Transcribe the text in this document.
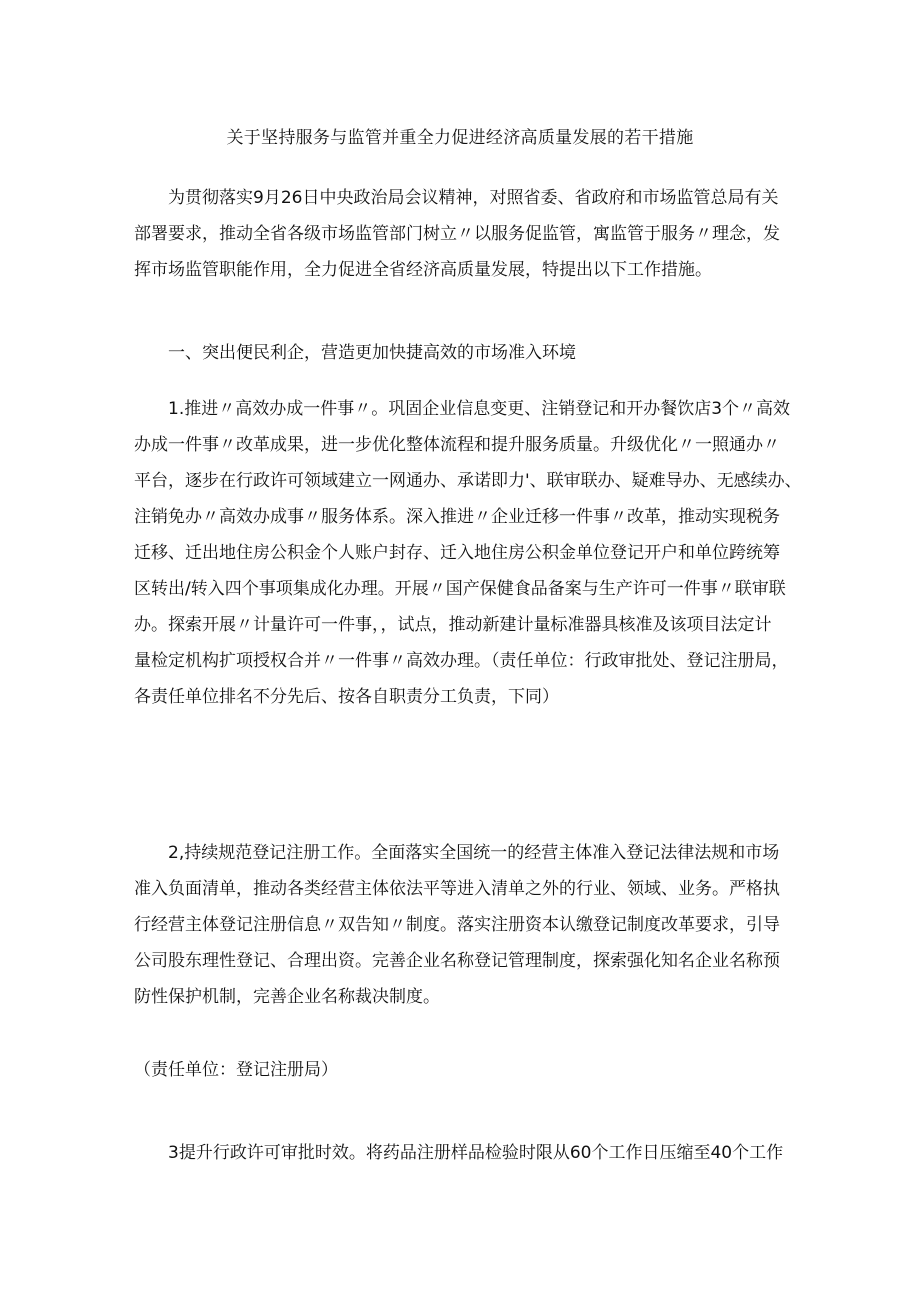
关于坚持服务与监管并重全力促进经济高质量发展的若干措施
为贯彻落实9月26日中央政治局会议精神，对照省委、省政府和市场监管总局有关
部署要求，推动全省各级市场监管部门树立〃以服务促监管，寓监管于服务〃理念，发
挥市场监管职能作用，全力促进全省经济高质量发展，特提出以下工作措施。
一、突出便民利企，营造更加快捷高效的市场准入环境
1.推进〃高效办成一件事〃。巩固企业信息变更、注销登记和开办餐饮店3个〃高效
办成一件事〃改革成果，进一步优化整体流程和提升服务质量。升级优化〃一照通办〃
平台，逐步在行政许可领域建立一网通办、承诺即力'、联审联办、疑难导办、无感续办、
注销免办〃高效办成事〃服务体系。深入推进〃企业迁移一件事〃改革，推动实现税务
迁移、迁出地住房公积金个人账户封存、迁入地住房公积金单位登记开户和单位跨统筹
区转出/转入四个事项集成化办理。开展〃国产保健食品备案与生产许可一件事〃联审联
办。探索开展〃计量许可一件事，，试点，推动新建计量标准器具核准及该项目法定计
量检定机构扩项授权合并〃一件事〃高效办理。（责任单位：行政审批处、登记注册局，
各责任单位排名不分先后、按各自职责分工负责，下同）
2,持续规范登记注册工作。全面落实全国统一的经营主体准入登记法律法规和市场
准入负面清单，推动各类经营主体依法平等进入清单之外的行业、领域、业务。严格执
行经营主体登记注册信息〃双告知〃制度。落实注册资本认缴登记制度改革要求，引导
公司股东理性登记、合理出资。完善企业名称登记管理制度，探索强化知名企业名称预
防性保护机制，完善企业名称裁决制度。
（责任单位：登记注册局）
3提升行政许可审批时效。将药品注册样品检验时限从60个工作日压缩至40个工作
